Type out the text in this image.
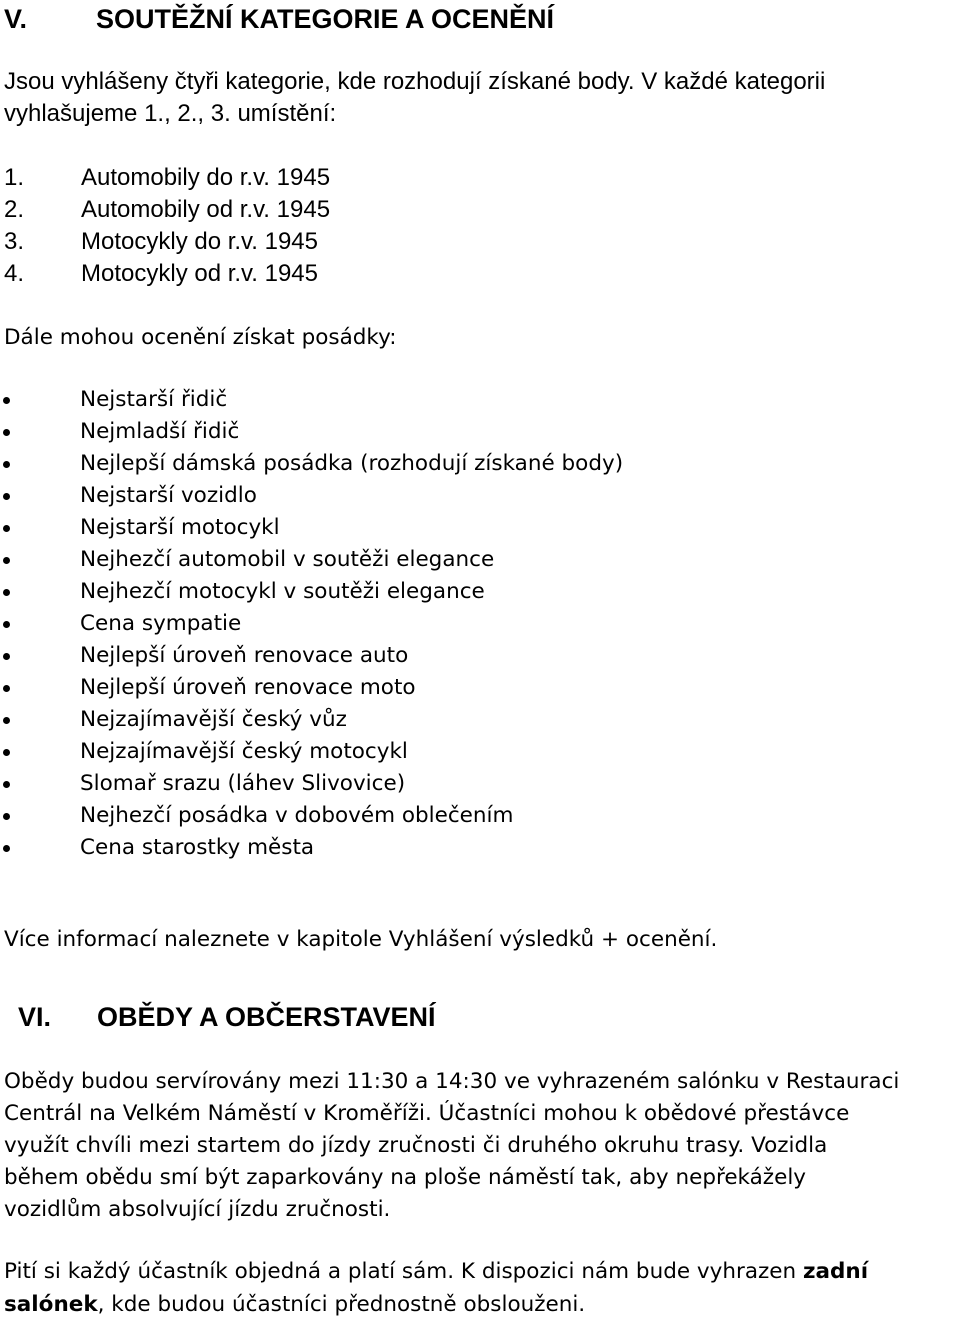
V.	SOUTĚŽNÍ KATEGORIE A OCENĚNÍ
Jsou vyhlášeny čtyři kategorie, kde rozhodují získané body. V každé kategorii
vyhlašujeme 1., 2., 3. umístění:
1. Automobily do r.v. 1945
2. Automobily od r.v. 1945
3. Motocykly do r.v. 1945
4. Motocykly od r.v. 1945
Dále mohou ocenění získat posádky:
Nejstarší řidič
Nejmladší řidič
Nejlepší dámská posádka (rozhodují získané body)
Nejstarší vozidlo
Nejstarší motocykl
Nejhezčí automobil v soutěži elegance
Nejhezčí motocykl v soutěži elegance
Cena sympatie
Nejlepší úroveň renovace auto
Nejlepší úroveň renovace moto
Nejzajímavější český vůz
Nejzajímavější český motocykl
Slomař srazu (láhev Slivovice)
Nejhezčí posádka v dobovém oblečením
Cena starostky města
Více informací naleznete v kapitole Vyhlášení výsledků + ocenění.
VI. OBĚDY A OBČERSTAVENÍ
Obědy budou servírovány mezi 11:30 a 14:30 ve vyhrazeném salónku v Restauraci
Centrál na Velkém Náměstí v Kroměříži. Účastníci mohou k obědové přestávce
využít chvíli mezi startem do jízdy zručnosti či druhého okruhu trasy. Vozidla
během obědu smí být zaparkovány na ploše náměstí tak, aby nepřekážely
vozidlům absolvující jízdu zručnosti.
Pití si každý účastník objedná a platí sám. K dispozici nám bude vyhrazen zadní
salónek, kde budou účastníci přednostně obslouženi.
